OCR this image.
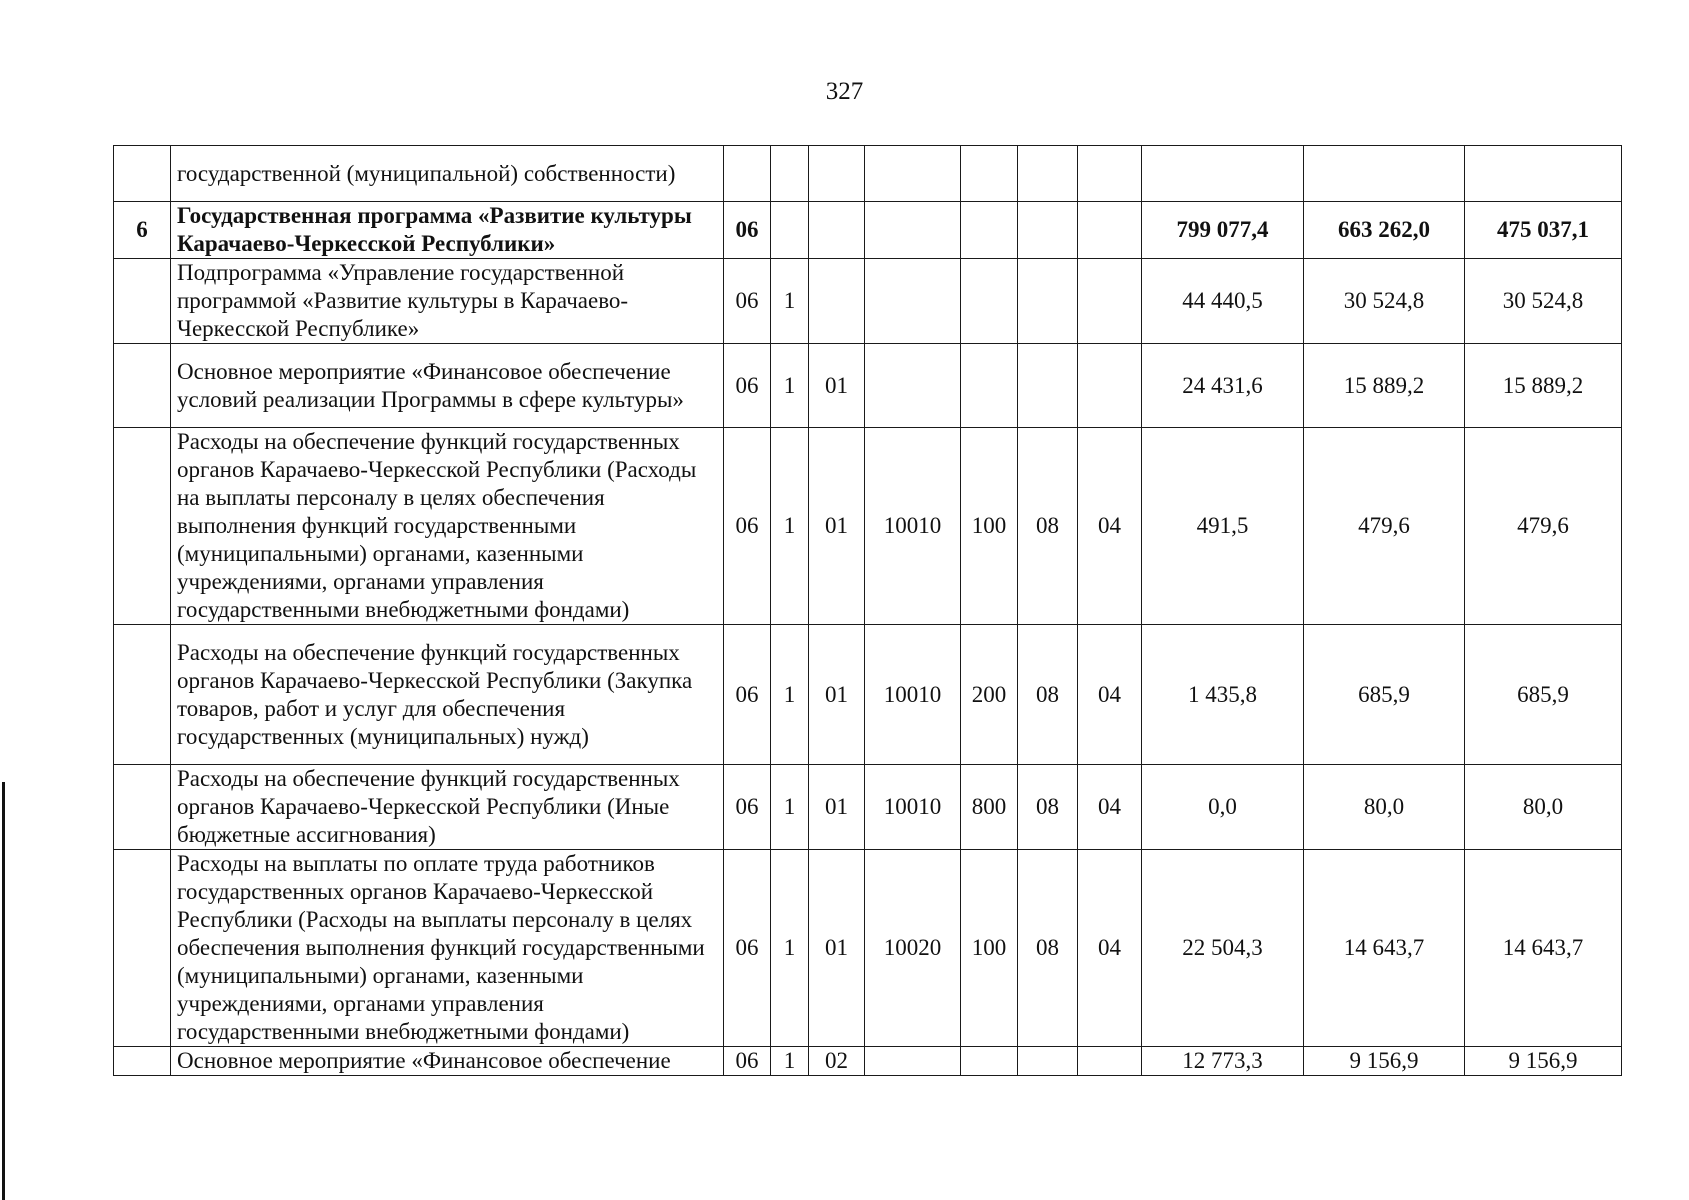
327
	государственной (муниципальной) собственности)										
6	Государственная программа «Развитие культуры Карачаево-Черкесской Республики»	06							799 077,4	663 262,0	475 037,1
	Подпрограмма «Управление государственной программой «Развитие культуры в Карачаево-Черкесской Республике»	06	1						44 440,5	30 524,8	30 524,8
	Основное мероприятие «Финансовое обеспечение условий реализации Программы в сфере культуры»	06	1	01					24 431,6	15 889,2	15 889,2
	Расходы на обеспечение функций государственных органов Карачаево-Черкесской Республики (Расходы на выплаты персоналу в целях обеспечения выполнения функций государственными (муниципальными) органами, казенными учреждениями, органами управления государственными внебюджетными фондами)	06	1	01	10010	100	08	04	491,5	479,6	479,6
	Расходы на обеспечение функций государственных органов Карачаево-Черкесской Республики (Закупка товаров, работ и услуг для обеспечения государственных (муниципальных) нужд)	06	1	01	10010	200	08	04	1 435,8	685,9	685,9
	Расходы на обеспечение функций государственных органов Карачаево-Черкесской Республики (Иные бюджетные ассигнования)	06	1	01	10010	800	08	04	0,0	80,0	80,0
	Расходы на выплаты по оплате труда работников государственных органов Карачаево-Черкесской Республики (Расходы на выплаты персоналу в целях обеспечения выполнения функций государственными (муниципальными) органами, казенными учреждениями, органами управления государственными внебюджетными фондами)	06	1	01	10020	100	08	04	22 504,3	14 643,7	14 643,7
	Основное мероприятие «Финансовое обеспечение	06	1	02					12 773,3	9 156,9	9 156,9
